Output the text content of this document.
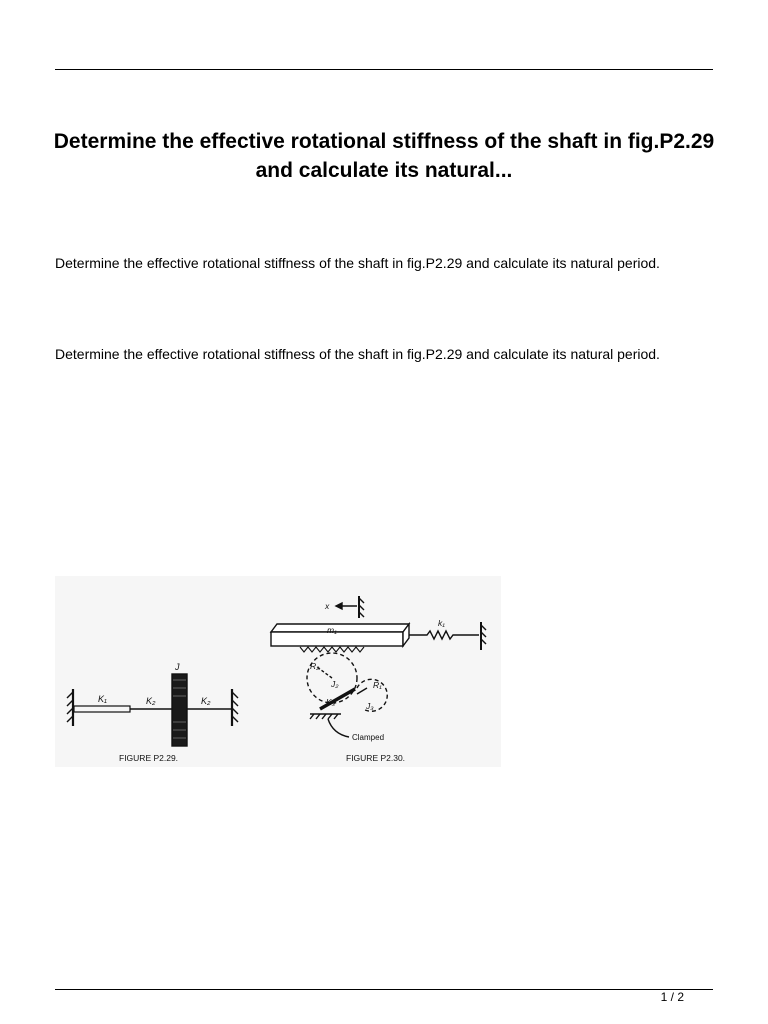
Determine the effective rotational stiffness of the shaft in fig.P2.29 and calculate its natural...
Determine the effective rotational stiffness of the shaft in fig.P2.29 and calculate its natural period.
Determine the effective rotational stiffness of the shaft in fig.P2.29 and calculate its natural period.
K₁	K₂	K₂
J
FIGURE P2.29.
x
m₁
k₁
R₂
J₂	R₁
K₃	J₃
Clamped
FIGURE P2.30.
1 / 2
